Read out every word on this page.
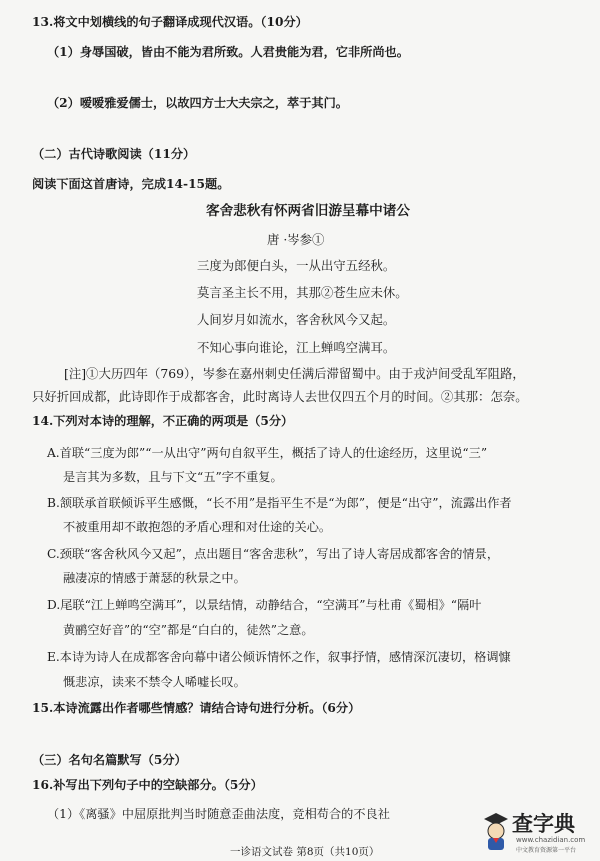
13.将文中划横线的句子翻译成现代汉语。（10分）
（1）身辱国破，皆由不能为君所致。人君贵能为君，它非所尚也。
（2）嗳嗳雅爱儒士，以故四方士大夫宗之，萃于其门。
（二）古代诗歌阅读（11分）
阅读下面这首唐诗，完成14-15题。
客舍悲秋有怀两省旧游呈幕中诸公
唐 ·岑参①
三度为郎便白头，一从出守五经秋。
莫言圣主长不用，其那②苍生应未休。
人间岁月如流水，客舍秋风今又起。
不知心事向谁论，江上蝉鸣空满耳。
[注]①大历四年（769），岑参在嘉州刺史任满后滞留蜀中。由于戎泸间受乱军阻路，
只好折回成都，此诗即作于成都客舍，此时离诗人去世仅四五个月的时间。②其那：怎奈。
14.下列对本诗的理解，不正确的两项是（5分）
A.首联“三度为郎”“一从出守”两句自叙平生，概括了诗人的仕途经历，这里说“三”
是言其为多数，且与下文“五”字不重复。
B.颔联承首联倾诉平生感慨，“长不用”是指平生不是“为郎”，便是“出守”，流露出作者
不被重用却不敢抱怨的矛盾心理和对仕途的关心。
C.颈联“客舍秋风今又起”，点出题目“客舍悲秋”，写出了诗人寄居成都客舍的情景，
融凄凉的情感于萧瑟的秋景之中。
D.尾联“江上蝉鸣空满耳”，以景结情，动静结合，“空满耳”与杜甫《蜀相》“隔叶
黄鹂空好音”的“空”都是“白白的，徒然”之意。
E.本诗为诗人在成都客舍向幕中诸公倾诉情怀之作，叙事抒情，感情深沉凄切，格调慷
慨悲凉，读来不禁令人唏嘘长叹。
15.本诗流露出作者哪些情感？请结合诗句进行分析。（6分）
（三）名句名篇默写（5分）
16.补写出下列句子中的空缺部分。（5分）
（1）《离骚》中屈原批判当时随意歪曲法度，竞相苟合的不良社
一诊语文试卷 第8页（共10页）
查字典
www.chazidian.com
中文教育资源第一平台
